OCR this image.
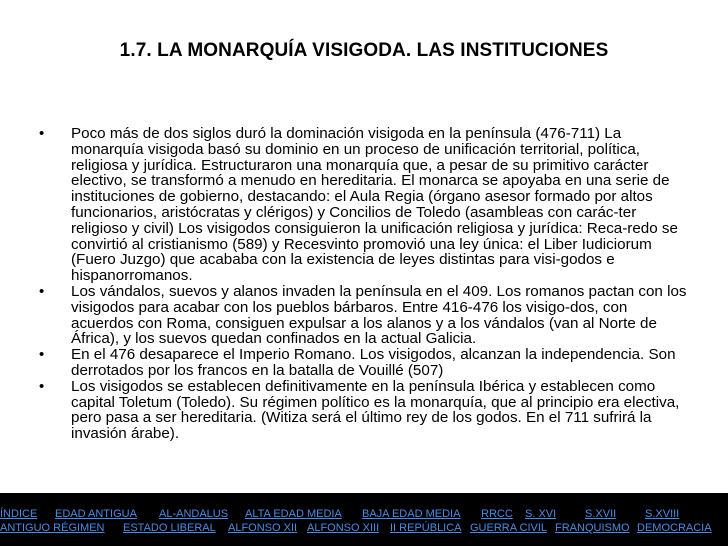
1.7. LA MONARQUÍA VISIGODA. LAS INSTITUCIONES
• Poco más de dos siglos duró la dominación visigoda en la península (476-711) La monarquía visigoda basó su dominio en un proceso de unificación territorial, política, religiosa y jurídica. Estructuraron una monarquía que, a pesar de su primitivo carácter electivo, se transformó a menudo en hereditaria. El monarca se apoyaba en una serie de instituciones de gobierno, destacando: el Aula Regia (órgano asesor formado por altos funcionarios, aristócratas y clérigos) y Concilios de Toledo (asambleas con carác-ter religioso y civil) Los visigodos consiguieron la unificación religiosa y jurídica: Reca-redo se convirtió al cristianismo (589) y Recesvinto promovió una ley única: el Liber Iudiciorum (Fuero Juzgo) que acababa con la existencia de leyes distintas para visi-godos e hispanorromanos.
• Los vándalos, suevos y alanos invaden la península en el 409. Los romanos pactan con los visigodos para acabar con los pueblos bárbaros. Entre 416-476 los visigo-dos, con acuerdos con Roma, consiguen expulsar a los alanos y a los vándalos (van al Norte de África), y los suevos quedan confinados en la actual Galicia.
• En el 476 desaparece el Imperio Romano. Los visigodos, alcanzan la independencia. Son derrotados por los francos en la batalla de Vouillé (507)
• Los visigodos se establecen definitivamente en la península Ibérica y establecen como capital Toletum (Toledo). Su régimen político es la monarquía, que al principio era electiva, pero pasa a ser hereditaria. (Witiza será el último rey de los godos. En el 711 sufrirá la invasión árabe).
ÍNDICE EDAD ANTIGUA AL-ANDALUS ALTA EDAD MEDIA BAJA EDAD MEDIA RRCC S. XVI	S.XVII	S.XVIII
ANTIGUO RÉGIMEN ESTADO LIBERAL ALFONSO XII ALFONSO XIII II REPÚBLICA GUERRA CIVIL FRANQUISMO DEMOCRACIA
